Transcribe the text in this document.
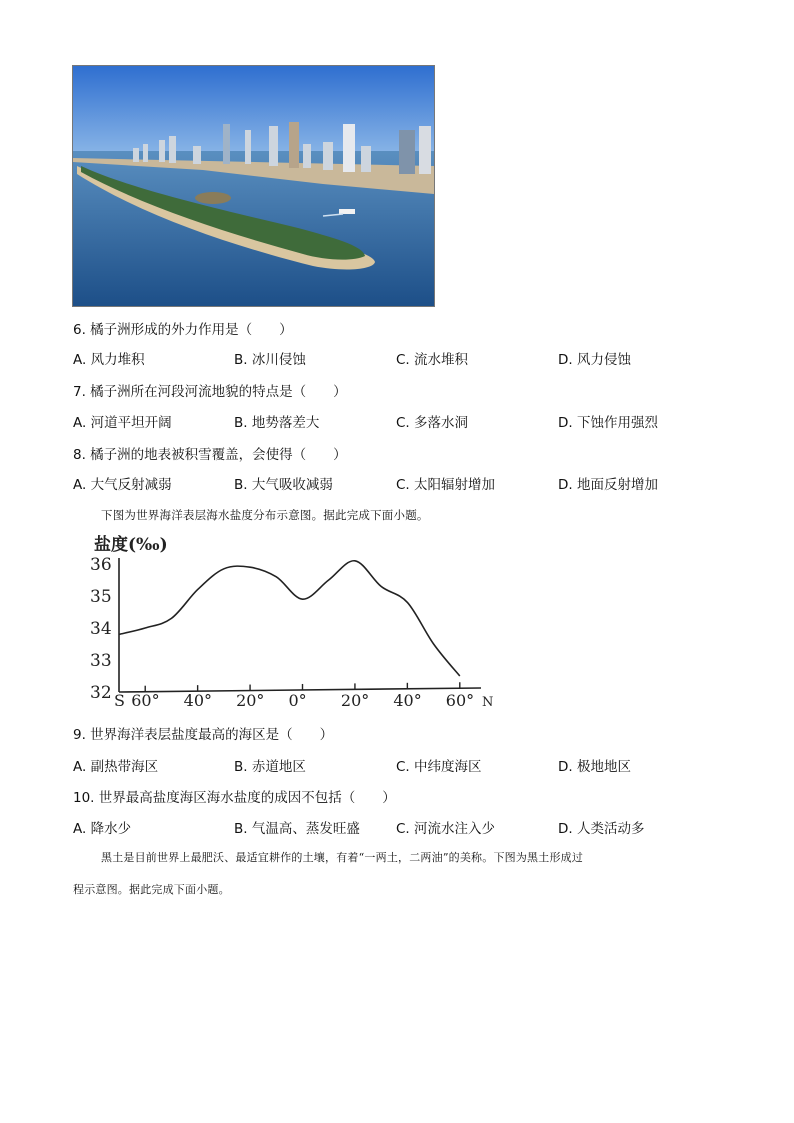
6. 橘子洲形成的外力作用是（　　）
A. 风力堆积	B. 冰川侵蚀	C. 流水堆积	D. 风力侵蚀
7. 橘子洲所在河段河流地貌的特点是（　　）
A. 河道平坦开阔	B. 地势落差大	C. 多落水洞	D. 下蚀作用强烈
8. 橘子洲的地表被积雪覆盖，会使得（　　）
A. 大气反射减弱	B. 大气吸收减弱	C. 太阳辐射增加	D. 地面反射增加
下图为世界海洋表层海水盐度分布示意图。据此完成下面小题。
盐度(‰)
32
33
34
35
36
S 60° 40° 20° 0° 20° 40° 60° N
9. 世界海洋表层盐度最高的海区是（　　）
A. 副热带海区	B. 赤道地区	C. 中纬度海区	D. 极地地区
10. 世界最高盐度海区海水盐度的成因不包括（　　）
A. 降水少	B. 气温高、蒸发旺盛	C. 河流水注入少	D. 人类活动多
黑土是目前世界上最肥沃、最适宜耕作的土壤，有着“一两土，二两油”的美称。下图为黑土形成过
程示意图。据此完成下面小题。
